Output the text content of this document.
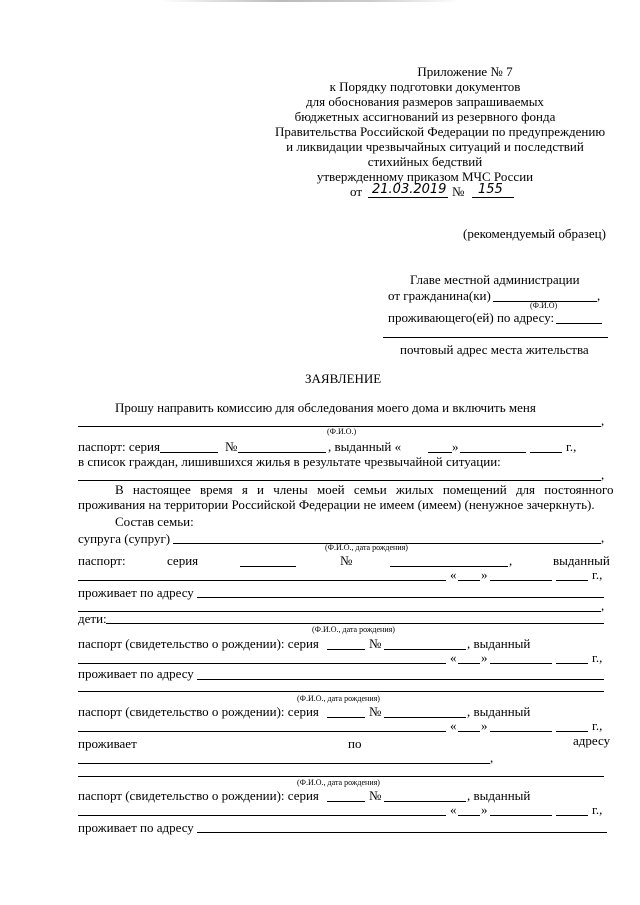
Приложение № 7
к Порядку подготовки документов
для обоснования размеров запрашиваемых
бюджетных ассигнований из резервного фонда
Правительства Российской Федерации по предупреждению
и ликвидации чрезвычайных ситуаций и последствий
стихийных бедствий
утвержденному приказом МЧС России
от 21.03.2019 № 155
(рекомендуемый образец)
Главе местной администрации
от гражданина(ки)	,
(Ф.И.О)
проживающего(ей) по адресу:
почтовый адрес места жительства
ЗАЯВЛЕНИЕ
Прошу направить комиссию для обследования моего дома и включить меня
,
(Ф.И.О.)
паспорт: серия	№	, выданный «	»	г.,
в список граждан, лишившихся жилья в результате чрезвычайной ситуации:
,
В настоящее время я и члены моей семьи жилых помещений для постоянного
проживания на территории Российской Федерации не имеем (имеем) (ненужное зачеркнуть).
Состав семьи:
супруга (супруг)	,
(Ф.И.О., дата рождения)
паспорт:	серия	№	,	выданный
« »	г.,
проживает по адресу
,
дети:
(Ф.И.О., дата рождения)
паспорт (свидетельство о рождении): серия	№	, выданный
« »	г.,
проживает по адресу
(Ф.И.О., дата рождения)
паспорт (свидетельство о рождении): серия	№	, выданный
« »	г.,
проживает	по	адресу
,
(Ф.И.О., дата рождения)
паспорт (свидетельство о рождении): серия	№	, выданный
« »	г.,
проживает по адресу
